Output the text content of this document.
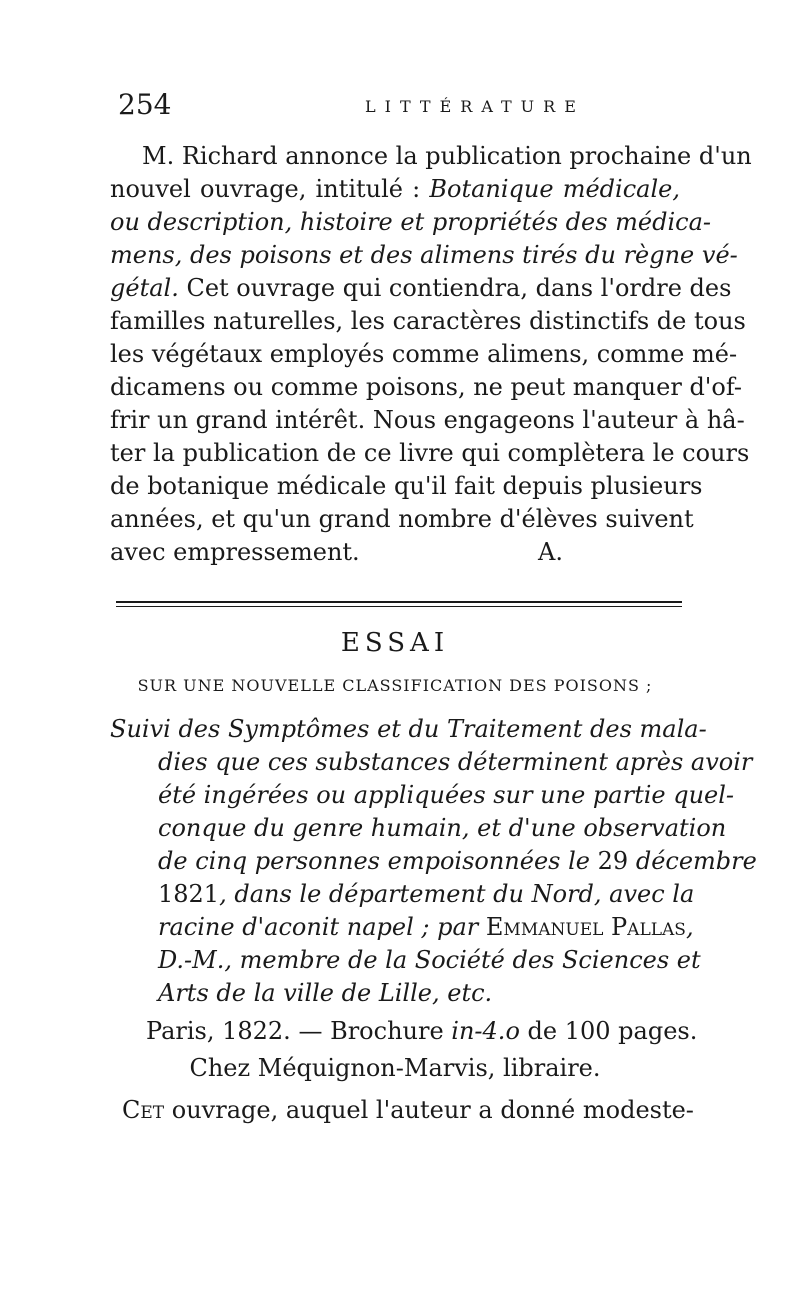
254	LITTÉRATURE
M. Richard annonce la publication prochaine d'un
nouvel ouvrage, intitulé : Botanique médicale,
ou description, histoire et propriétés des médica-
mens, des poisons et des alimens tirés du règne vé-
gétal. Cet ouvrage qui contiendra, dans l'ordre des
familles naturelles, les caractères distinctifs de tous
les végétaux employés comme alimens, comme mé-
dicamens ou comme poisons, ne peut manquer d'of-
frir un grand intérêt. Nous engageons l'auteur à hâ-
ter la publication de ce livre qui complètera le cours
de botanique médicale qu'il fait depuis plusieurs
années, et qu'un grand nombre d'élèves suivent
avec empressement.	A.
ESSAI
SUR UNE NOUVELLE CLASSIFICATION DES POISONS ;
Suivi des Symptômes et du Traitement des mala-
dies que ces substances déterminent après avoir
été ingérées ou appliquées sur une partie quel-
conque du genre humain, et d'une observation
de cinq personnes empoisonnées le 29 décembre
1821, dans le département du Nord, avec la
racine d'aconit napel ; par Emmanuel Pallas,
D.-M., membre de la Société des Sciences et
Arts de la ville de Lille, etc.
Paris, 1822. — Brochure in-4.o de 100 pages.
Chez Méquignon-Marvis, libraire.
Cet ouvrage, auquel l'auteur a donné modeste-
